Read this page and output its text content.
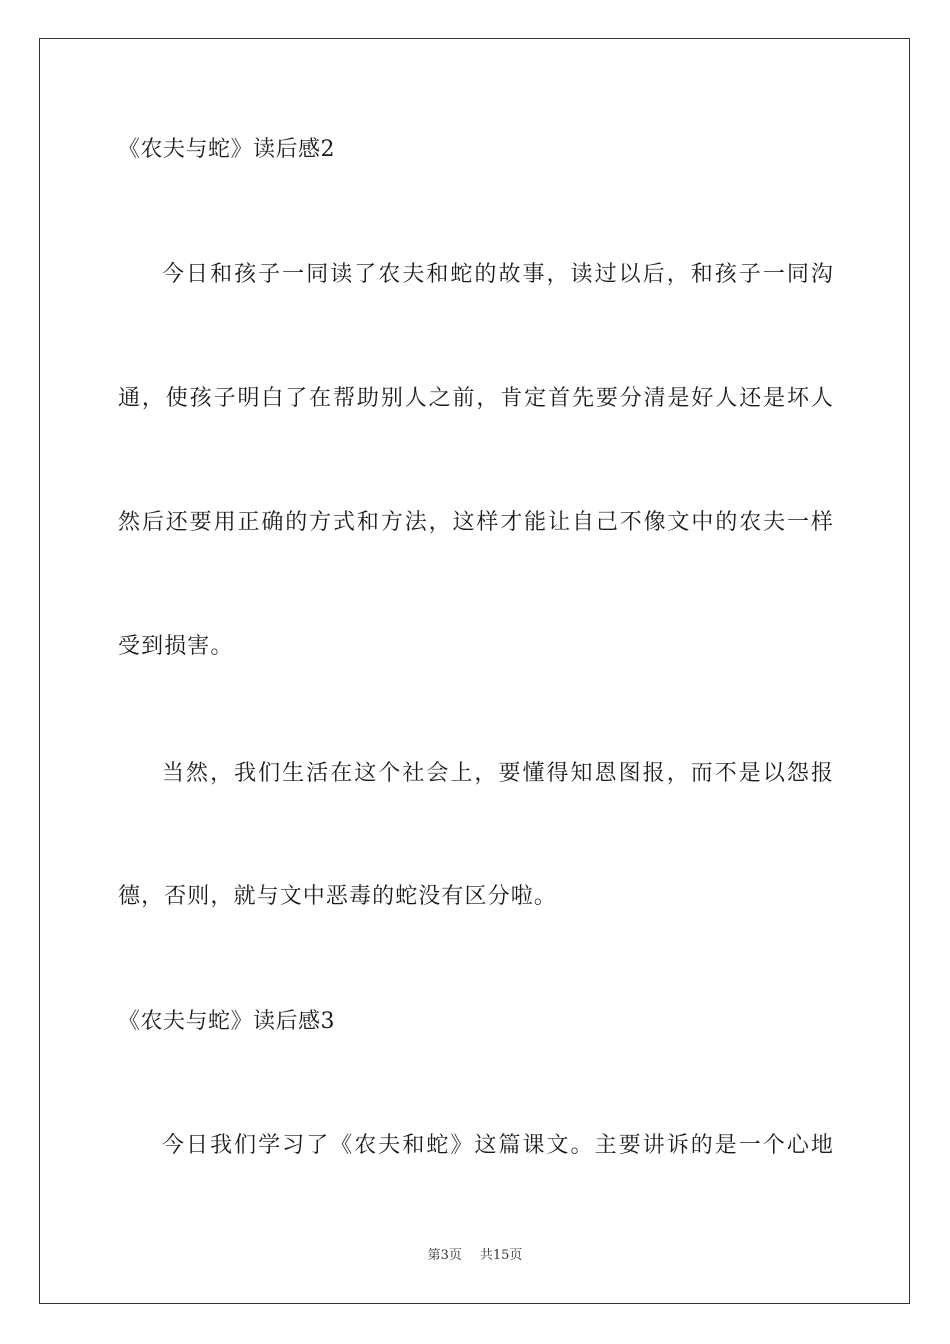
《农夫与蛇》读后感2
今日和孩子一同读了农夫和蛇的故事，读过以后，和孩子一同沟
通，使孩子明白了在帮助别人之前，肯定首先要分清是好人还是坏人
然后还要用正确的方式和方法，这样才能让自己不像文中的农夫一样
受到损害。
当然，我们生活在这个社会上，要懂得知恩图报，而不是以怨报
德，否则，就与文中恶毒的蛇没有区分啦。
《农夫与蛇》读后感3
今日我们学习了《农夫和蛇》这篇课文。主要讲诉的是一个心地
第3页 共15页
